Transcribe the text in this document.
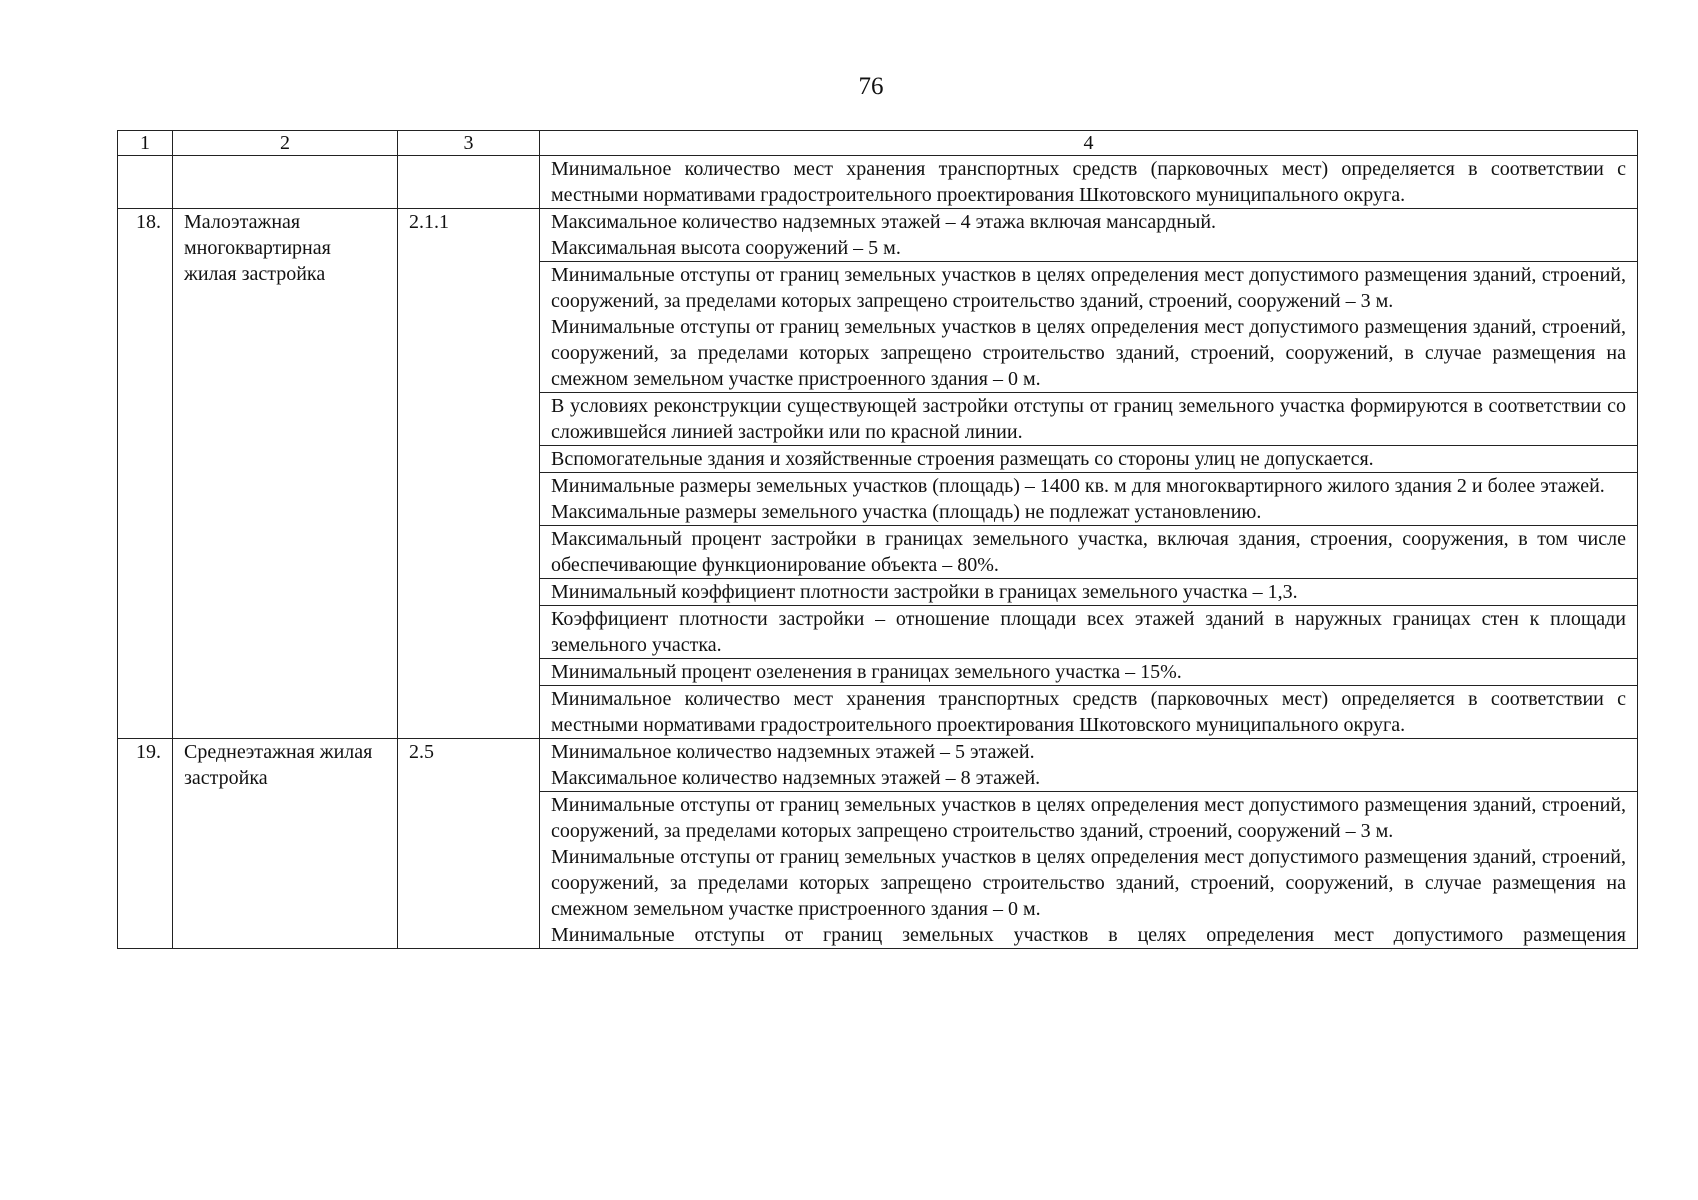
76
1	2	3	4
			Минимальное количество мест хранения транспортных средств (парковочных мест) определяется в соответствии с местными нормативами градостроительного проектирования Шкотовского муниципального округа.
18.	Малоэтажная многоквартирная жилая застройка	2.1.1	Максимальное количество надземных этажей – 4 этажа включая мансардный.
Максимальная высота сооружений – 5 м.

			Минимальные отступы от границ земельных участков в целях определения мест допустимого размещения зданий, строений, сооружений, за пределами которых запрещено строительство зданий, строений, сооружений – 3 м.
Минимальные отступы от границ земельных участков в целях определения мест допустимого размещения зданий, строений, сооружений, за пределами которых запрещено строительство зданий, строений, сооружений, в случае размещения на смежном земельном участке пристроенного здания – 0 м.

			В условиях реконструкции существующей застройки отступы от границ земельного участка формируются в соответствии со сложившейся линией застройки или по красной линии.

			Вспомогательные здания и хозяйственные строения размещать со стороны улиц не допускается.

			Минимальные размеры земельных участков (площадь) – 1400 кв. м для многоквартирного жилого здания 2 и более этажей.
Максимальные размеры земельного участка (площадь) не подлежат установлению.

			Максимальный процент застройки в границах земельного участка, включая здания, строения, сооружения, в том числе обеспечивающие функционирование объекта – 80%.

			Минимальный коэффициент плотности застройки в границах земельного участка – 1,3.

			Коэффициент плотности застройки – отношение площади всех этажей зданий в наружных границах стен к площади земельного участка.

			Минимальный процент озеленения в границах земельного участка – 15%.

			Минимальное количество мест хранения транспортных средств (парковочных мест) определяется в соответствии с местными нормативами градостроительного проектирования Шкотовского муниципального округа.

19.	Среднеэтажная жилая застройка	2.5	Минимальное количество надземных этажей – 5 этажей.
Максимальное количество надземных этажей – 8 этажей.

			Минимальные отступы от границ земельных участков в целях определения мест допустимого размещения зданий, строений, сооружений, за пределами которых запрещено строительство зданий, строений, сооружений – 3 м.
Минимальные отступы от границ земельных участков в целях определения мест допустимого размещения зданий, строений, сооружений, за пределами которых запрещено строительство зданий, строений, сооружений, в случае размещения на смежном земельном участке пристроенного здания – 0 м.
Минимальные отступы от границ земельных участков в целях определения мест допустимого размещения
